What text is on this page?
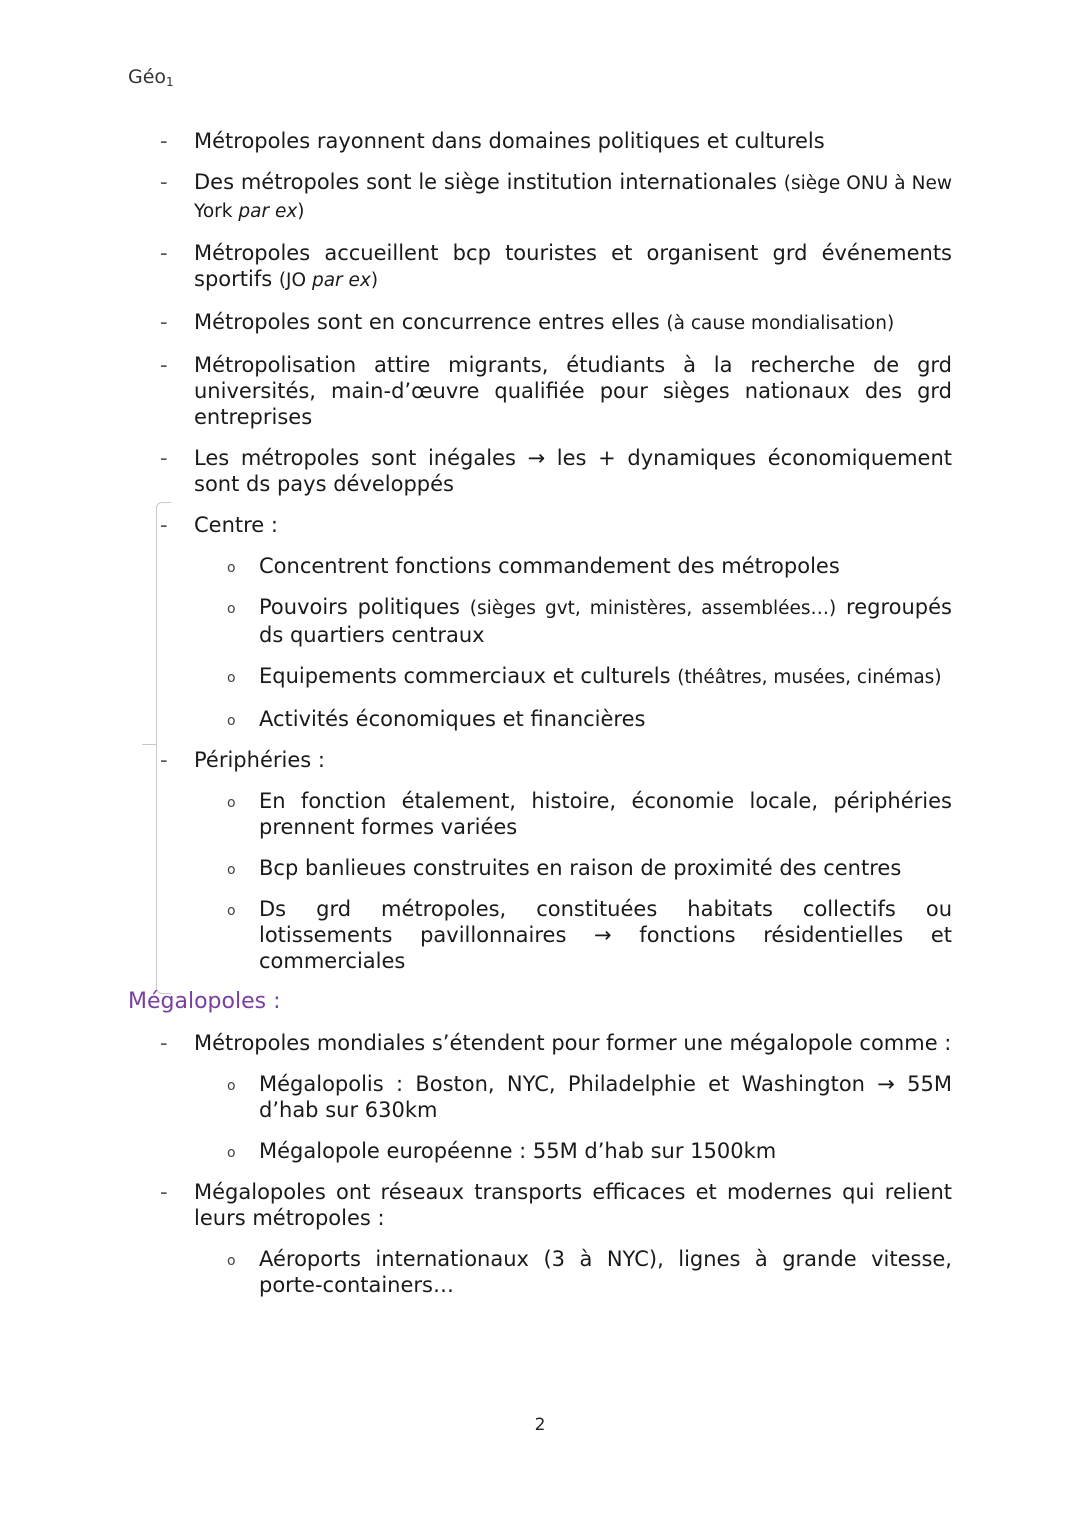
Géo$_1$
- Métropoles rayonnent dans domaines politiques et culturels
- Des métropoles sont le siège institution internationales (siège ONU à New York par ex)
- Métropoles accueillent bcp touristes et organisent grd événements sportifs (JO par ex)
- Métropoles sont en concurrence entres elles (à cause mondialisation)
- Métropolisation attire migrants, étudiants à la recherche de grd universités, main-d’œuvre qualifiée pour sièges nationaux des grd entreprises
- Les métropoles sont inégales → les + dynamiques économiquement sont ds pays développés
- Centre :
o Concentrent fonctions commandement des métropoles
o Pouvoirs politiques (sièges gvt, ministères, assemblées…) regroupés ds quartiers centraux
o Equipements commerciaux et culturels (théâtres, musées, cinémas)
o Activités économiques et financières
- Périphéries :
o En fonction étalement, histoire, économie locale, périphéries prennent formes variées
o Bcp banlieues construites en raison de proximité des centres
o Ds grd métropoles, constituées habitats collectifs ou lotissements pavillonnaires → fonctions résidentielles et commerciales
Mégalopoles :
- Métropoles mondiales s’étendent pour former une mégalopole comme :
o Mégalopolis : Boston, NYC, Philadelphie et Washington → 55M d’hab sur 630km
o Mégalopole européenne : 55M d’hab sur 1500km
- Mégalopoles ont réseaux transports efficaces et modernes qui relient leurs métropoles :
o Aéroports internationaux (3 à NYC), lignes à grande vitesse, porte-containers…
2
